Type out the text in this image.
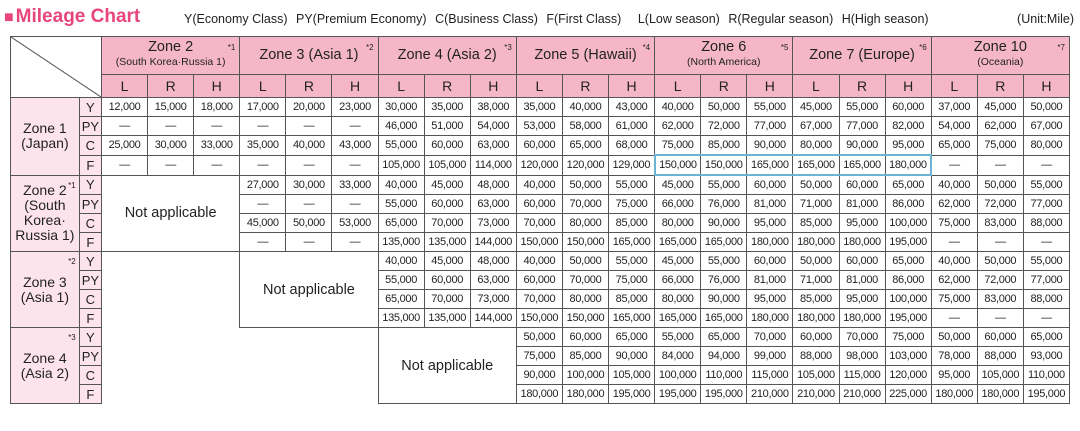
■ Mileage Chart	Y(Economy Class) PY(Premium Economy) C(Business Class) F(First Class) L(Low season) R(Regular season) H(High season)	(Unit:Mile)
	Zone 2
(South Korea·Russia 1)
*1			Zone 3 (Asia 1) *2			Zone 4 (Asia 2) *3			Zone 5 (Hawaii) *4			Zone 6
(North America)
*5			Zone 7 (Europe) *6			Zone 10
(Oceania)
*7		

		L	R	H	L	R	H	L	R	H	L	R	H	L	R	H	L	R	H	L	R	H

Zone 1
(Japan)	Y	12,000	15,000	18,000	17,000	20,000	23,000	30,000	35,000	38,000	35,000	40,000	43,000	40,000	50,000	55,000	45,000	55,000	60,000	37,000	45,000	50,000
	PY	—	—	—	—	—	—	46,000	51,000	54,000	53,000	58,000	61,000	62,000	72,000	77,000	67,000	77,000	82,000	54,000	62,000	67,000
	C	25,000	30,000	33,000	35,000	40,000	43,000	55,000	60,000	63,000	60,000	65,000	68,000	75,000	85,000	90,000	80,000	90,000	95,000	65,000	75,000	80,000
	F	—	—	—	—	—	—	105,000	105,000	114,000	120,000	120,000	129,000	150,000	150,000	165,000	165,000	165,000	180,000	—	—	—

Zone 2
(South
Korea·
Russia 1)
*1	Y	Not applicable			27,000	30,000	33,000	40,000	45,000	48,000	40,000	50,000	55,000	45,000	55,000	60,000	50,000	60,000	65,000	40,000	50,000	55,000
	PY				—	—	—	55,000	60,000	63,000	60,000	70,000	75,000	66,000	76,000	81,000	71,000	81,000	86,000	62,000	72,000	77,000
	C				45,000	50,000	53,000	65,000	70,000	73,000	70,000	80,000	85,000	80,000	90,000	95,000	85,000	95,000	100,000	75,000	83,000	88,000
	F				—	—	—	135,000	135,000	144,000	150,000	150,000	165,000	165,000	165,000	180,000	180,000	180,000	195,000	—	—	—

Zone 3
(Asia 1)
*2	Y				Not applicable			40,000	45,000	48,000	40,000	50,000	55,000	45,000	55,000	60,000	50,000	60,000	65,000	40,000	50,000	55,000
	PY							55,000	60,000	63,000	60,000	70,000	75,000	66,000	76,000	81,000	71,000	81,000	86,000	62,000	72,000	77,000
	C							65,000	70,000	73,000	70,000	80,000	85,000	80,000	90,000	95,000	85,000	95,000	100,000	75,000	83,000	88,000
	F							135,000	135,000	144,000	150,000	150,000	165,000	165,000	165,000	180,000	180,000	180,000	195,000	—	—	—

Zone 4
(Asia 2)
*3	Y							Not applicable			50,000	60,000	65,000	55,000	65,000	70,000	60,000	70,000	75,000	50,000	60,000	65,000
	PY										75,000	85,000	90,000	84,000	94,000	99,000	88,000	98,000	103,000	78,000	88,000	93,000
	C										90,000	100,000	105,000	100,000	110,000	115,000	105,000	115,000	120,000	95,000	105,000	110,000
	F										180,000	180,000	195,000	195,000	195,000	210,000	210,000	210,000	225,000	180,000	180,000	195,000
